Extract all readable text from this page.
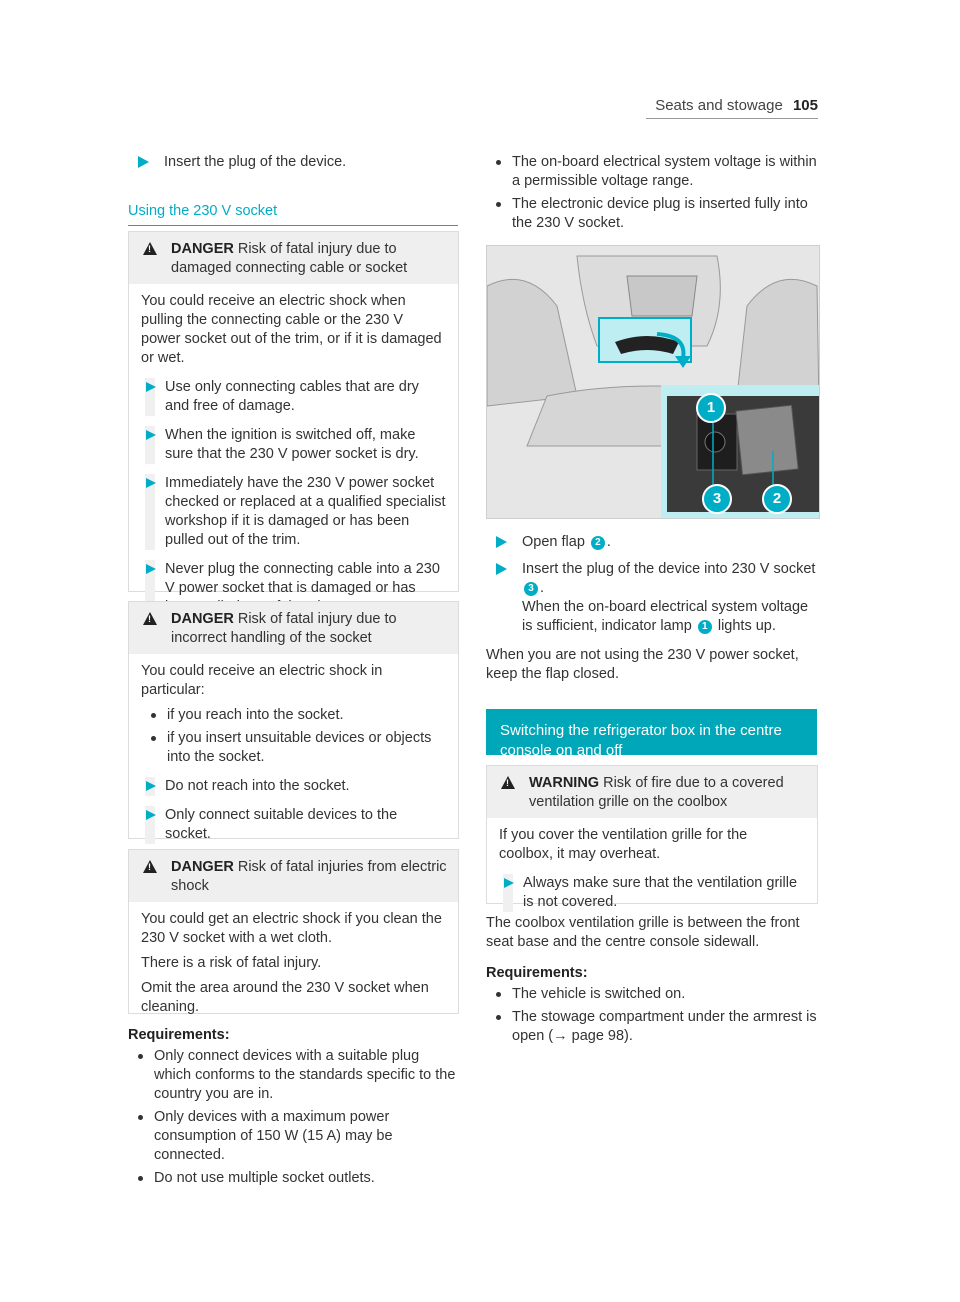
Seats and stowage 105
Insert the plug of the device.
Using the 230 V socket
!
DANGER Risk of fatal injury due to damaged connecting cable or socket

You could receive an electric shock when pulling the connecting cable or the 230 V power socket out of the trim, or if it is damaged or wet.

Use only connecting cables that are dry and free of damage.
When the ignition is switched off, make sure that the 230 V power socket is dry.
Immediately have the 230 V power socket checked or replaced at a qualified specialist workshop if it is damaged or has been pulled out of the trim.
Never plug the connecting cable into a 230 V power socket that is damaged or has
!
DANGER Risk of fatal injury due to incorrect handling of the socket

You could receive an electric shock in particular:

if you reach into the socket.
if you insert unsuitable devices or objects into the socket.
Do not reach into the socket.
Only connect suitable devices to the socket.
!
DANGER Risk of fatal injuries from electric shock

You could get an electric shock if you clean the 230 V socket with a wet cloth.

There is a risk of fatal injury.

Omit the area around the 230 V socket when cleaning.

Requirements:
Only connect devices with a suitable plug which conforms to the standards specific to the country you are in.
Only devices with a maximum power consumption of 150 W (15 A) may be connected.
Do not use multiple socket outlets.
The on-board electrical system voltage is within a permissible voltage range.
The electronic device plug is inserted fully into the 230 V socket.
1
2
3
Open flap 2 .
Insert the plug of the device into 230 V socket
3 .
When the on-board electrical system voltage is sufficient, indicator lamp 1 lights up.

When you are not using the 230 V power socket, keep the flap closed.

Switching the refrigerator box in the centre console on and off
!
WARNING Risk of fire due to a covered ventilation grille on the coolbox

If you cover the ventilation grille for the coolbox, it may overheat.

Always make sure that the ventilation grille is not covered.

The coolbox ventilation grille is between the front seat base and the centre console sidewall.

Requirements:
The vehicle is switched on.
The stowage compartment under the armrest is open (→ page 98).
